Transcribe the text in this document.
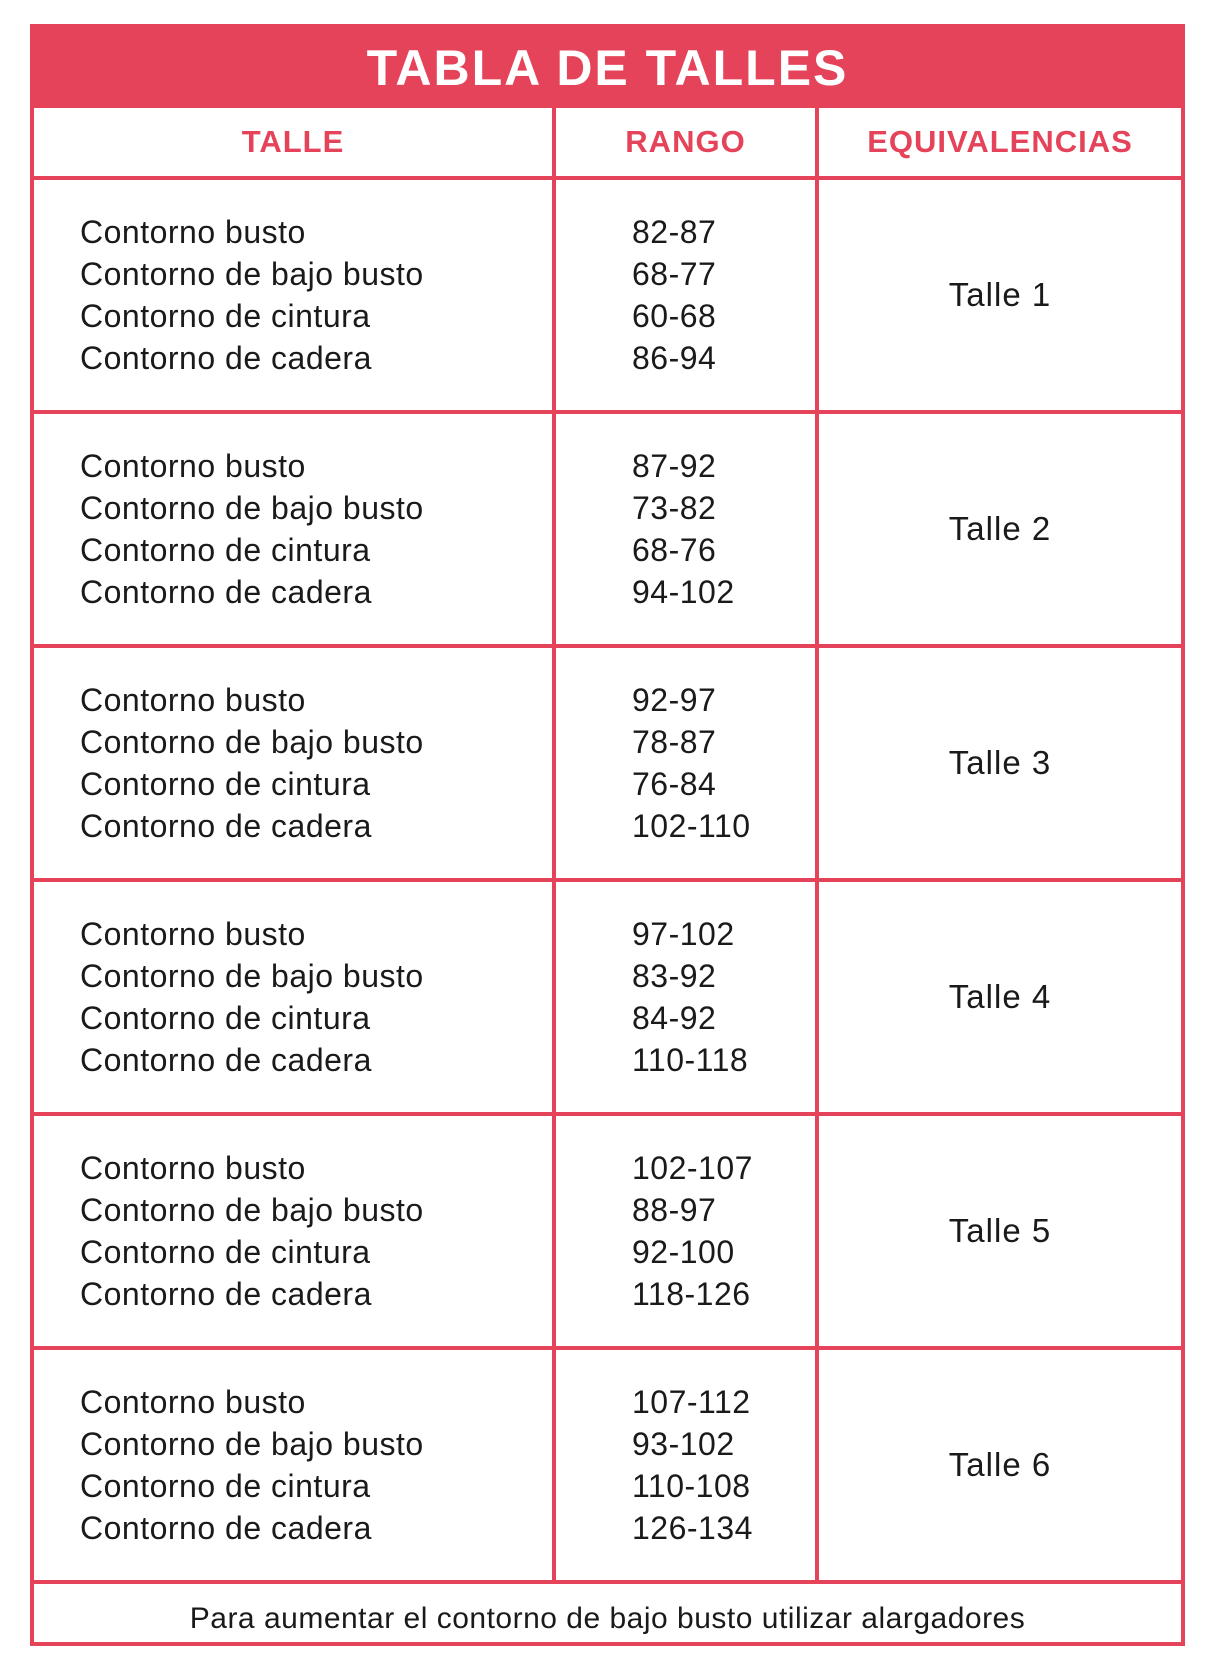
TABLA DE TALLES
TALLE	RANGO	EQUIVALENCIAS
Contorno busto
Contorno de bajo busto
Contorno de cintura
Contorno de cadera
82-87
68-77
60-68
86-94
Talle 1
Contorno busto
Contorno de bajo busto
Contorno de cintura
Contorno de cadera
87-92
73-82
68-76
94-102
Talle 2
Contorno busto
Contorno de bajo busto
Contorno de cintura
Contorno de cadera
92-97
78-87
76-84
102-110
Talle 3
Contorno busto
Contorno de bajo busto
Contorno de cintura
Contorno de cadera
97-102
83-92
84-92
110-118
Talle 4
Contorno busto
Contorno de bajo busto
Contorno de cintura
Contorno de cadera
102-107
88-97
92-100
118-126
Talle 5
Contorno busto
Contorno de bajo busto
Contorno de cintura
Contorno de cadera
107-112
93-102
110-108
126-134
Talle 6
Para aumentar el contorno de bajo busto utilizar alargadores
